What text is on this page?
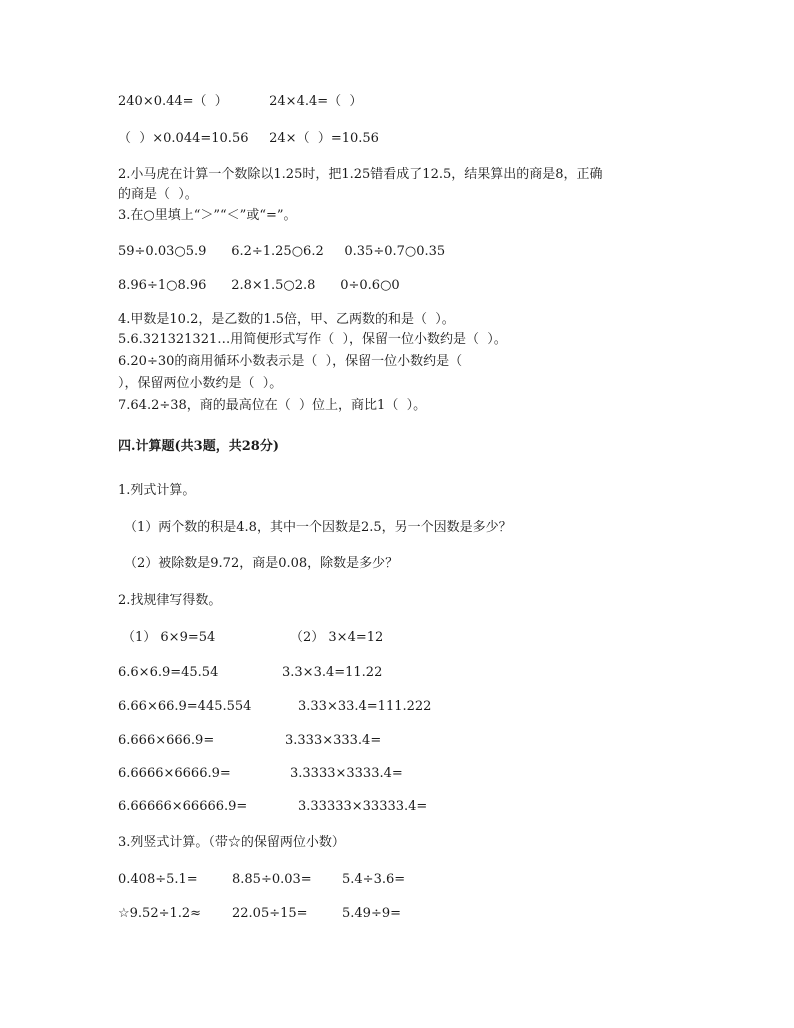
240×0.44=（  ）          24×4.4=（  ）
（  ）×0.044=10.56     24×（  ）=10.56
2.小马虎在计算一个数除以1.25时，把1.25错看成了12.5，结果算出的商是8，正确
的商是（  ）。
3.在○里填上“＞”“＜”或“=”。
59÷0.03○5.9      6.2÷1.25○6.2     0.35÷0.7○0.35
8.96÷1○8.96      2.8×1.5○2.8      0÷0.6○0
4.甲数是10.2，是乙数的1.5倍，甲、乙两数的和是（  ）。
5.6.321321321…用简便形式写作（  ），保留一位小数约是（  ）。
6.20÷30的商用循环小数表示是（  ），保留一位小数约是（
），保留两位小数约是（  ）。
7.64.2÷38，商的最高位在（  ）位上，商比1（  ）。
四.计算题(共3题，共28分)
1.列式计算。
（1）两个数的积是4.8，其中一个因数是2.5，另一个因数是多少？
（2）被除数是9.72，商是0.08，除数是多少？
2.找规律写得数。
（1） 6×9=54	（2） 3×4=12
6.6×6.9=45.54	3.3×3.4=11.22
6.66×66.9=445.554	3.33×33.4=111.222
6.666×666.9=	3.333×333.4=
6.6666×6666.9=	3.3333×3333.4=
6.66666×66666.9=	3.33333×33333.4=
3.列竖式计算。（带☆的保留两位小数）
0.408÷5.1=	8.85÷0.03= 5.4÷3.6=
☆9.52÷1.2≈ 22.05÷15=	5.49÷9=
